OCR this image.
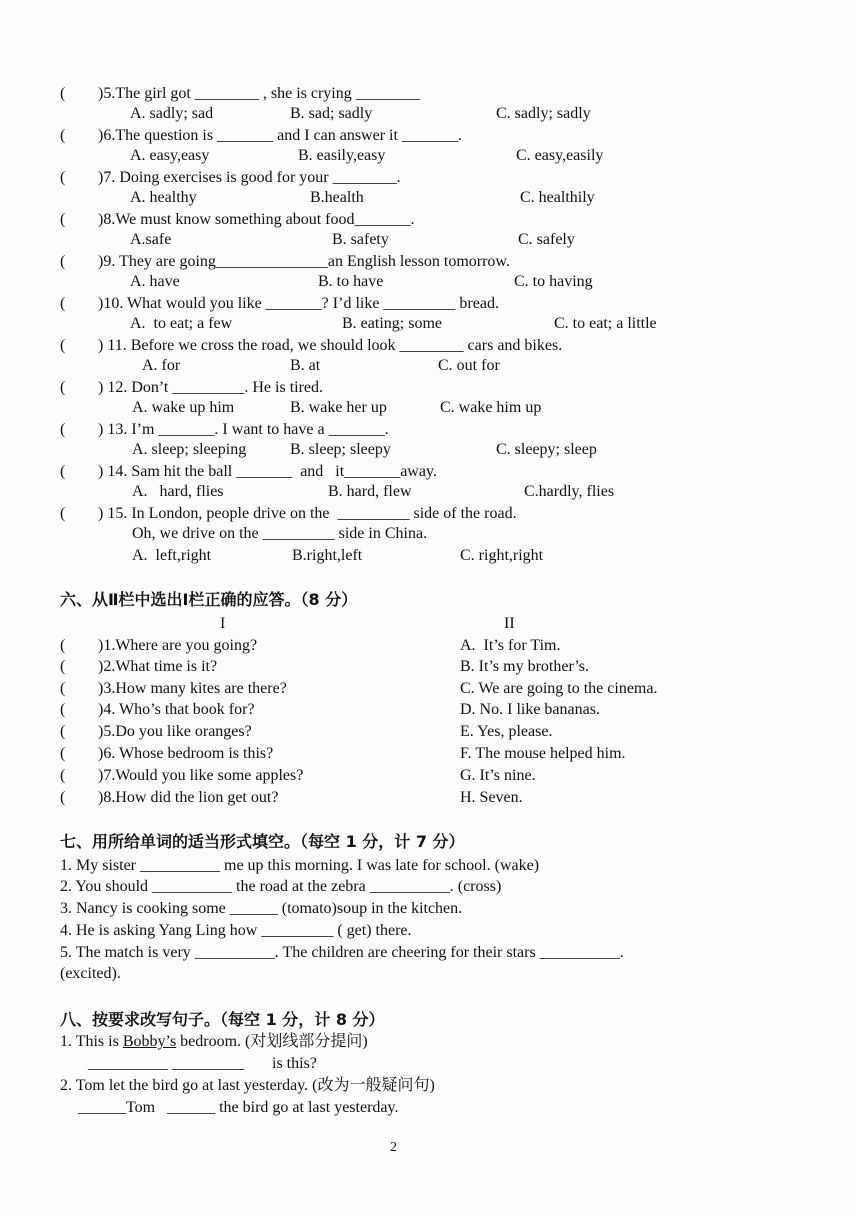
( )5.The girl got ________ , she is crying ________
A. sadly; sad	B. sad; sadly	C. sadly; sadly
( )6.The question is _______ and I can answer it _______.
A. easy,easy	B. easily,easy	C. easy,easily
( )7. Doing exercises is good for your ________.
A. healthy	B.health	C. healthily
( )8.We must know something about food_______.
A.safe	B. safety	C. safely
( )9. They are going______________an English lesson tomorrow.
A. have	B. to have	C. to having
( )10. What would you like _______? I’d like _________ bread.
A.  to eat; a few	B. eating; some	C. to eat; a little
( ) 11. Before we cross the road, we should look ________ cars and bikes.
A. for	B. at	C. out for
( ) 12. Don’t _________. He is tired.
A. wake up him	B. wake her up	C. wake him up
( ) 13. I’m _______. I want to have a _______.
A. sleep; sleeping	B. sleep; sleepy	C. sleepy; sleep
( ) 14. Sam hit the ball _______  and   it_______away.
A.   hard, flies	B. hard, flew	C.hardly, flies
( ) 15. In London, people drive on the  _________ side of the road.
Oh, we drive on the _________ side in China.
A.  left,right	B.right,left	C. right,right
六、从Ⅱ栏中选出Ⅰ栏正确的应答。（8 分）
I	II
( )1.Where are you going?	A.  It’s for Tim.
( )2.What time is it?	B. It’s my brother’s.
( )3.How many kites are there?	C. We are going to the cinema.
( )4. Who’s that book for?	D. No. I like bananas.
( )5.Do you like oranges?	E. Yes, please.
( )6. Whose bedroom is this?	F. The mouse helped him.
( )7.Would you like some apples?	G. It’s nine.
( )8.How did the lion get out?	H. Seven.
七、用所给单词的适当形式填空。（每空 1 分，计 7 分）
1. My sister __________ me up this morning. I was late for school. (wake)
2. You should __________ the road at the zebra __________. (cross)
3. Nancy is cooking some ______ (tomato)soup in the kitchen.
4. He is asking Yang Ling how _________ ( get) there.
5. The match is very __________. The children are cheering for their stars __________.
(excited).
八、按要求改写句子。（每空 1 分，计 8 分）
1. This is Bobby’s bedroom. (对划线部分提问)
__________ _________       is this?
2. Tom let the bird go at last yesterday. (改为一般疑问句)
______Tom   ______ the bird go at last yesterday.
2
